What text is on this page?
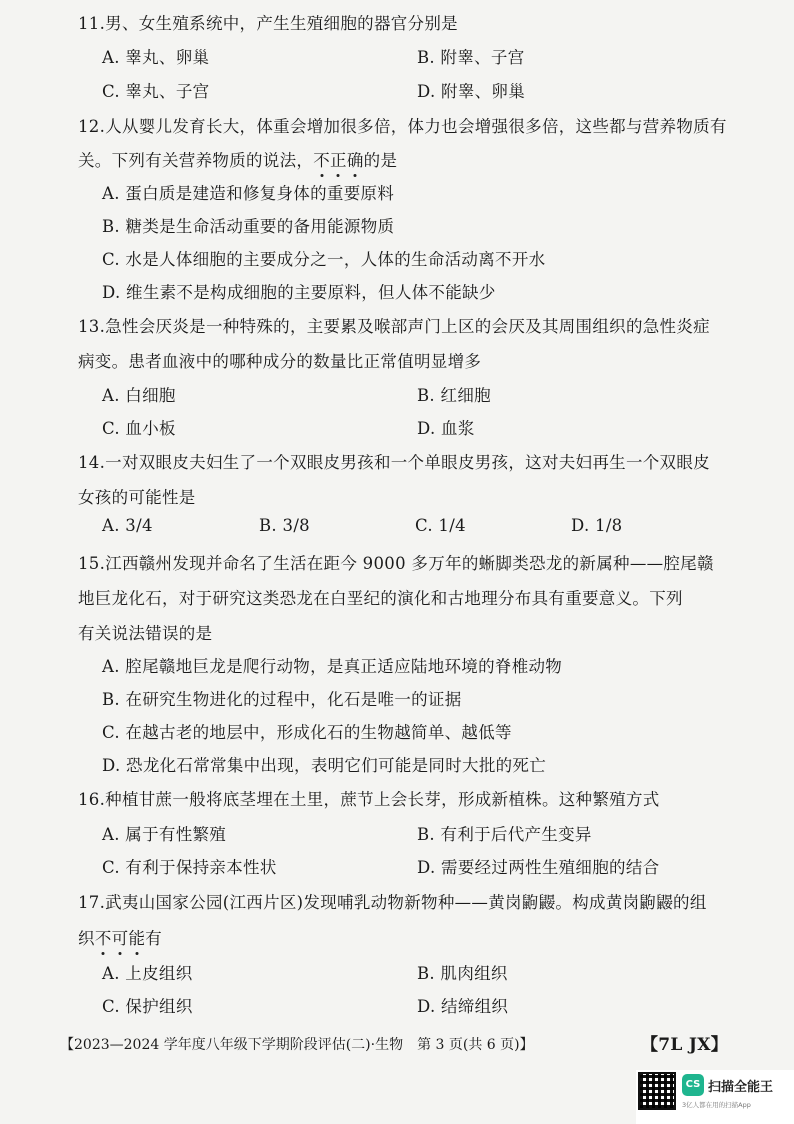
11.男、女生殖系统中，产生生殖细胞的器官分别是
A. 睾丸、卵巢	B. 附睾、子宫
C. 睾丸、子宫	D. 附睾、卵巢
12.人从婴儿发育长大，体重会增加很多倍，体力也会增强很多倍，这些都与营养物质有
关。下列有关营养物质的说法，不正确的是
A. 蛋白质是建造和修复身体的重要原料
B. 糖类是生命活动重要的备用能源物质
C. 水是人体细胞的主要成分之一，人体的生命活动离不开水
D. 维生素不是构成细胞的主要原料，但人体不能缺少
13.急性会厌炎是一种特殊的，主要累及喉部声门上区的会厌及其周围组织的急性炎症
病变。患者血液中的哪种成分的数量比正常值明显增多
A. 白细胞	B. 红细胞
C. 血小板	D. 血浆
14.一对双眼皮夫妇生了一个双眼皮男孩和一个单眼皮男孩，这对夫妇再生一个双眼皮
女孩的可能性是
A. 3/4	B. 3/8	C. 1/4	D. 1/8
15.江西赣州发现并命名了生活在距今 9000 多万年的蜥脚类恐龙的新属种——腔尾赣
地巨龙化石，对于研究这类恐龙在白垩纪的演化和古地理分布具有重要意义。下列
有关说法错误的是
A. 腔尾赣地巨龙是爬行动物，是真正适应陆地环境的脊椎动物
B. 在研究生物进化的过程中，化石是唯一的证据
C. 在越古老的地层中，形成化石的生物越简单、越低等
D. 恐龙化石常常集中出现，表明它们可能是同时大批的死亡
16.种植甘蔗一般将底茎埋在土里，蔗节上会长芽，形成新植株。这种繁殖方式
A. 属于有性繁殖	B. 有利于后代产生变异
C. 有利于保持亲本性状	D. 需要经过两性生殖细胞的结合
17.武夷山国家公园(江西片区)发现哺乳动物新物种——黄岗鼩鼹。构成黄岗鼩鼹的组
织不可能有
A. 上皮组织	B. 肌肉组织
C. 保护组织	D. 结缔组织
【2023—2024 学年度八年级下学期阶段评估(二)·生物　第 3 页(共 6 页)】	【7L JX】
CS 扫描全能王
3亿人都在用的扫描App
